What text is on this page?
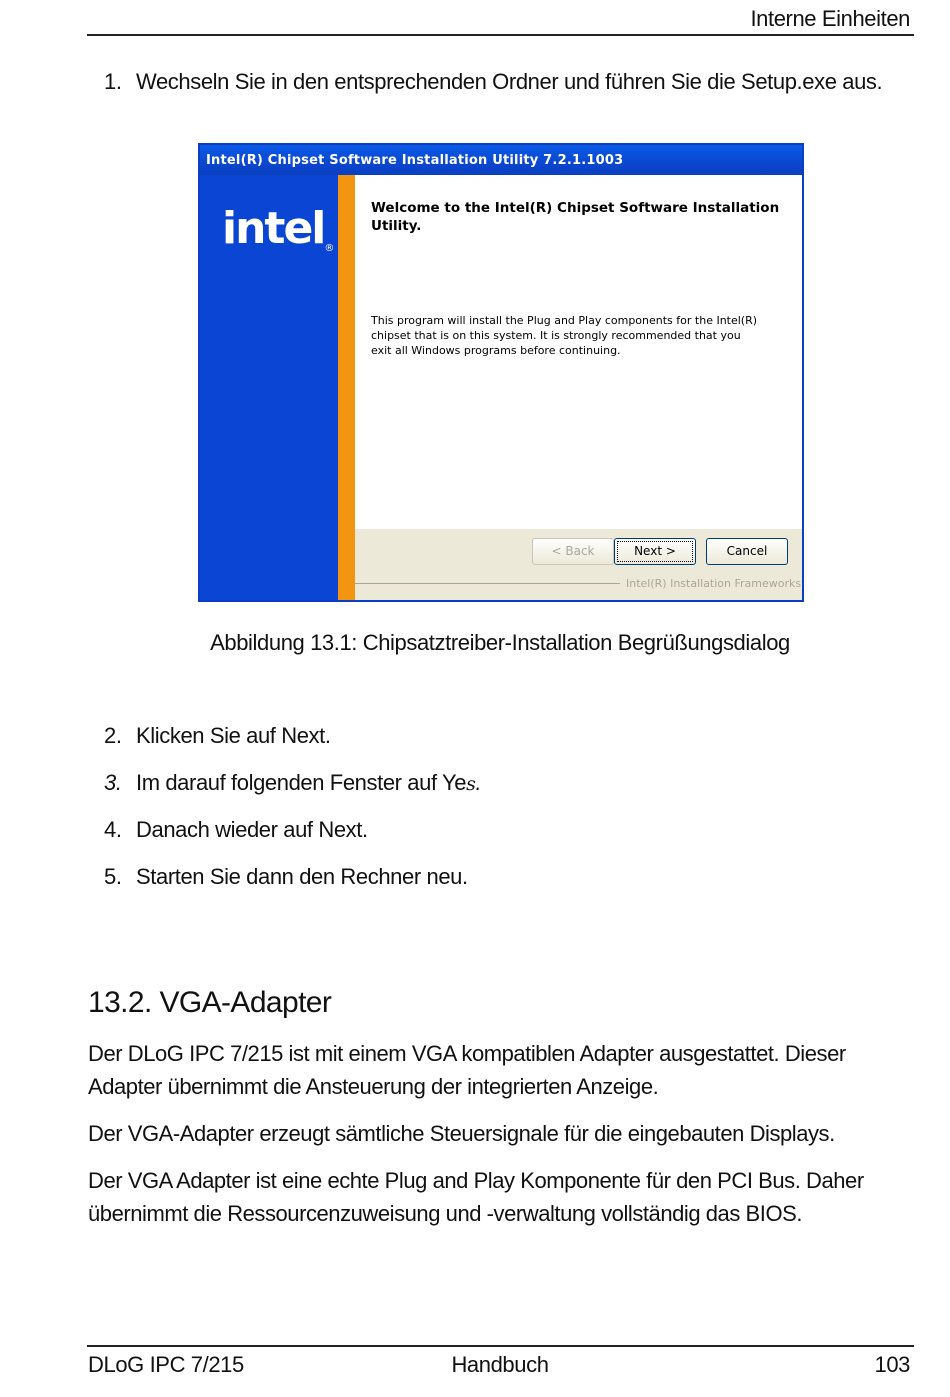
Interne Einheiten
1. Wechseln Sie in den entsprechenden Ordner und führen Sie die Setup.exe aus.
Intel(R) Chipset Software Installation Utility 7.2.1.1003
intel®
Welcome to the Intel(R) Chipset Software Installation Utility.
This program will install the Plug and Play components for the Intel(R) chipset that is on this system. It is strongly recommended that you exit all Windows programs before continuing.
< Back	Next >	Cancel
Intel(R) Installation Frameworks
Abbildung 13.1: Chipsatztreiber-Installation Begrüßungsdialog
2. Klicken Sie auf Next.
3. Im darauf folgenden Fenster auf Yes.
4. Danach wieder auf Next.
5. Starten Sie dann den Rechner neu.
13.2. VGA-Adapter
Der DLoG IPC 7/215 ist mit einem VGA kompatiblen Adapter ausgestattet. Dieser Adapter übernimmt die Ansteuerung der integrierten Anzeige.
Der VGA-Adapter erzeugt sämtliche Steuersignale für die eingebauten Displays.
Der VGA Adapter ist eine echte Plug and Play Komponente für den PCI Bus. Daher übernimmt die Ressourcenzuweisung und -verwaltung vollständig das BIOS.
DLoG IPC 7/215	Handbuch	103
